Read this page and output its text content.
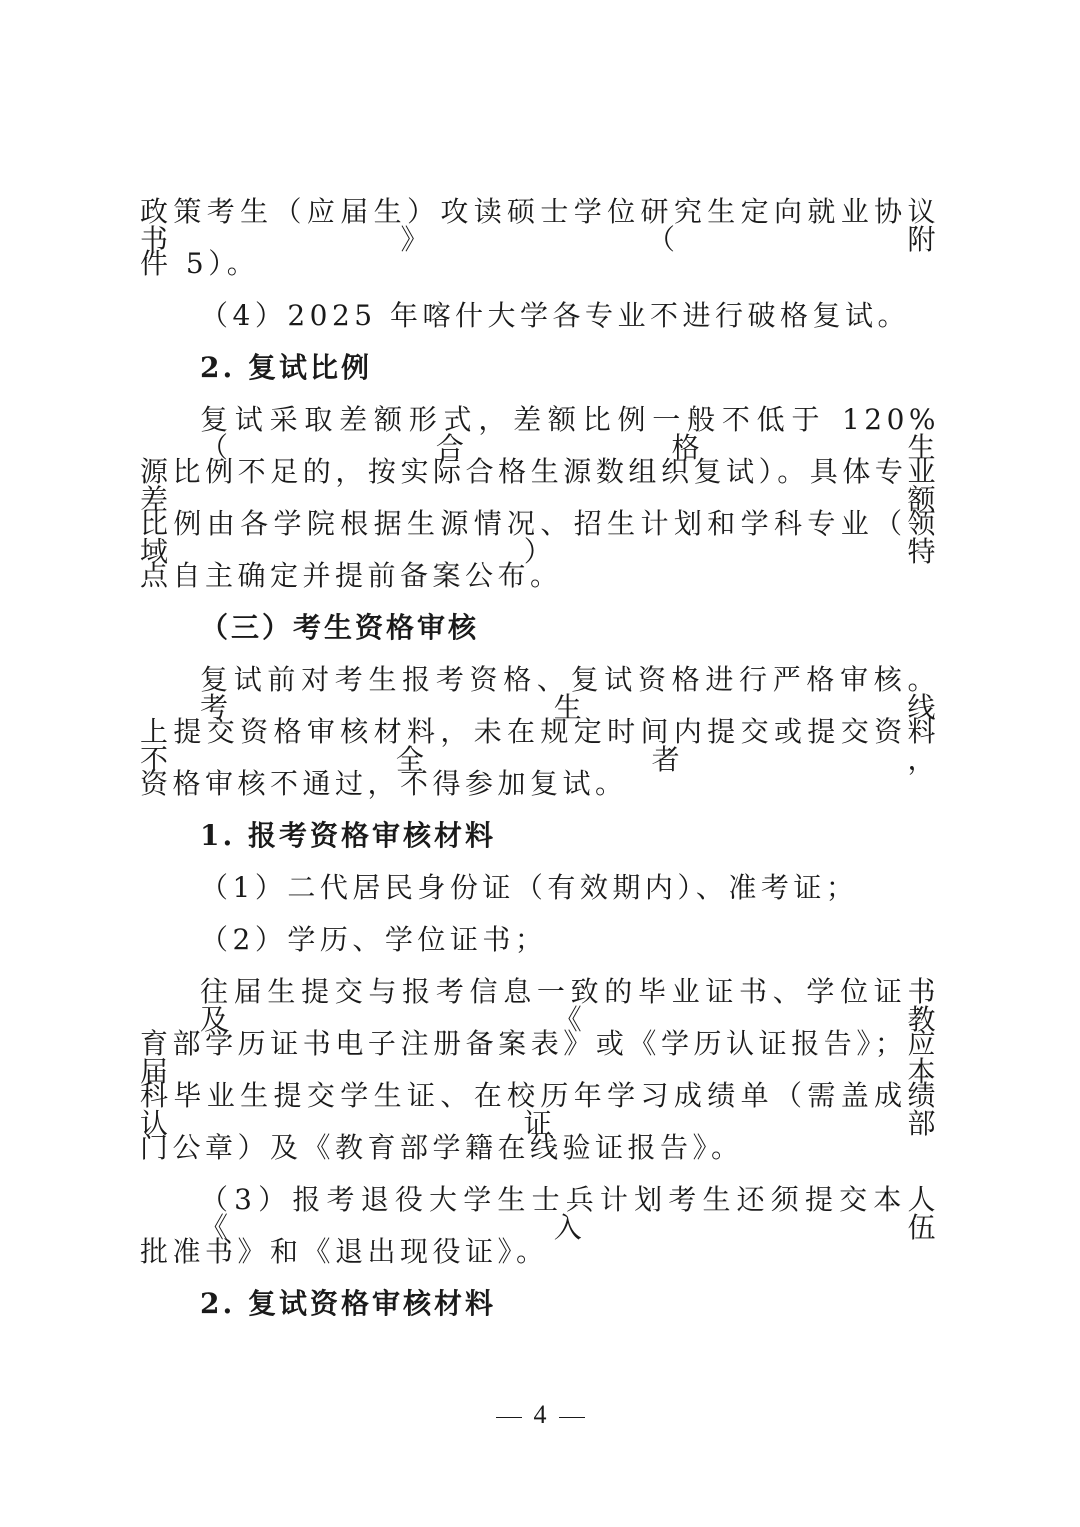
政策考生（应届生）攻读硕士学位研究生定向就业协议书》（附
件 5）。
（4）2025 年喀什大学各专业不进行破格复试。
2. 复试比例
复试采取差额形式，差额比例一般不低于 120%（合格生
源比例不足的，按实际合格生源数组织复试）。具体专业差额
比例由各学院根据生源情况、招生计划和学科专业（领域）特
点自主确定并提前备案公布。
（三）考生资格审核
复试前对考生报考资格、复试资格进行严格审核。考生线
上提交资格审核材料，未在规定时间内提交或提交资料不全者，
资格审核不通过，不得参加复试。
1. 报考资格审核材料
（1）二代居民身份证（有效期内）、准考证；
（2）学历、学位证书；
往届生提交与报考信息一致的毕业证书、学位证书及《教
育部学历证书电子注册备案表》或《学历认证报告》；应届本
科毕业生提交学生证、在校历年学习成绩单（需盖成绩认证部
门公章）及《教育部学籍在线验证报告》。
（3）报考退役大学生士兵计划考生还须提交本人《入伍
批准书》和《退出现役证》。
2. 复试资格审核材料
4
